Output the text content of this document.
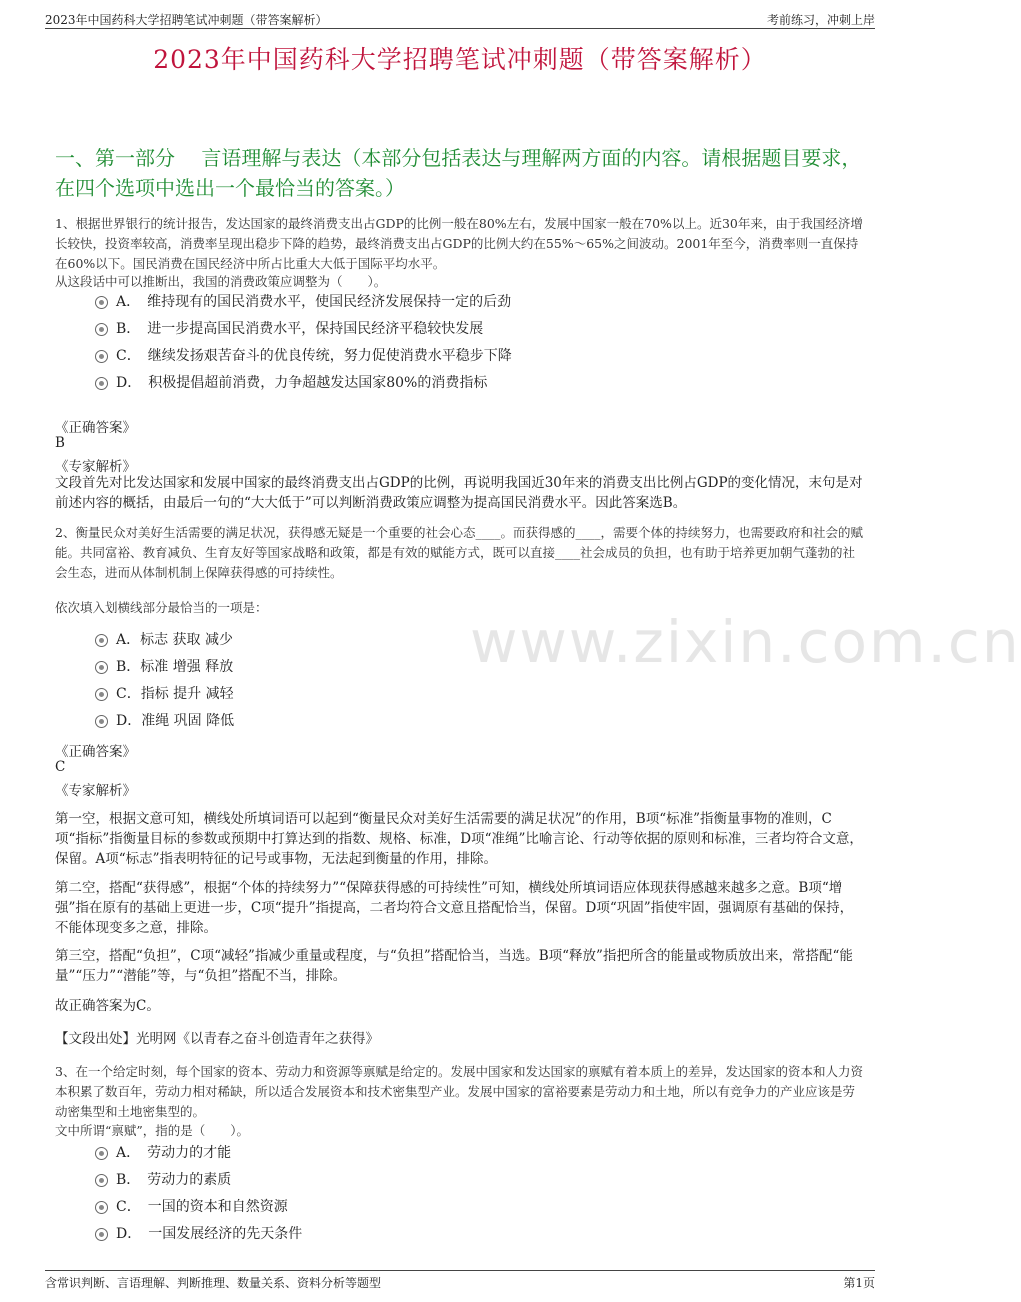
2023年中国药科大学招聘笔试冲刺题（带答案解析）	考前练习，冲刺上岸
2023年中国药科大学招聘笔试冲刺题（带答案解析）
一、第一部分　 言语理解与表达（本部分包括表达与理解两方面的内容。请根据题目要求，在四个选项中选出一个最恰当的答案。）
www.zixin.com.cn
1、根据世界银行的统计报告，发达国家的最终消费支出占GDP的比例一般在80%左右，发展中国家一般在70%以上。近30年来，由于我国经济增长较快，投资率较高，消费率呈现出稳步下降的趋势，最终消费支出占GDP的比例大约在55%～65%之间波动。2001年至今，消费率则一直保持在60%以下。国民消费在国民经济中所占比重大大低于国际平均水平。
从这段话中可以推断出，我国的消费政策应调整为（　　）。
A．　维持现有的国民消费水平，使国民经济发展保持一定的后劲
B．　进一步提高国民消费水平，保持国民经济平稳较快发展
C．　继续发扬艰苦奋斗的优良传统，努力促使消费水平稳步下降
D．　积极提倡超前消费，力争超越发达国家80%的消费指标
《正确答案》
B
《专家解析》
文段首先对比发达国家和发展中国家的最终消费支出占GDP的比例，再说明我国近30年来的消费支出比例占GDP的变化情况，末句是对前述内容的概括，由最后一句的“大大低于”可以判断消费政策应调整为提高国民消费水平。因此答案选B。
2、衡量民众对美好生活需要的满足状况，获得感无疑是一个重要的社会心态____。而获得感的____，需要个体的持续努力，也需要政府和社会的赋能。共同富裕、教育减负、生育友好等国家战略和政策，都是有效的赋能方式，既可以直接____社会成员的负担，也有助于培养更加朝气蓬勃的社会生态，进而从体制机制上保障获得感的可持续性。
依次填入划横线部分最恰当的一项是：
A．标志 获取 减少
B．标准 增强 释放
C．指标 提升 减轻
D．准绳 巩固 降低
《正确答案》
C
《专家解析》
第一空，根据文意可知，横线处所填词语可以起到“衡量民众对美好生活需要的满足状况”的作用，B项“标准”指衡量事物的准则，C项“指标”指衡量目标的参数或预期中打算达到的指数、规格、标准，D项“准绳”比喻言论、行动等依据的原则和标准，三者均符合文意，保留。A项“标志”指表明特征的记号或事物，无法起到衡量的作用，排除。
第二空，搭配“获得感”，根据“个体的持续努力”“保障获得感的可持续性”可知，横线处所填词语应体现获得感越来越多之意。B项“增强”指在原有的基础上更进一步，C项“提升”指提高，二者均符合文意且搭配恰当，保留。D项“巩固”指使牢固，强调原有基础的保持，不能体现变多之意，排除。
第三空，搭配“负担”，C项“减轻”指减少重量或程度，与“负担”搭配恰当，当选。B项“释放”指把所含的能量或物质放出来，常搭配“能量”“压力”“潜能”等，与“负担”搭配不当，排除。
故正确答案为C。
【文段出处】光明网《以青春之奋斗创造青年之获得》
3、在一个给定时刻，每个国家的资本、劳动力和资源等禀赋是给定的。发展中国家和发达国家的禀赋有着本质上的差异，发达国家的资本和人力资本积累了数百年，劳动力相对稀缺，所以适合发展资本和技术密集型产业。发展中国家的富裕要素是劳动力和土地，所以有竞争力的产业应该是劳动密集型和土地密集型的。
文中所谓“禀赋”，指的是（　　）。
A．　劳动力的才能
B．　劳动力的素质
C．　一国的资本和自然资源
D．　一国发展经济的先天条件
含常识判断、言语理解、判断推理、数量关系、资料分析等题型	第1页
